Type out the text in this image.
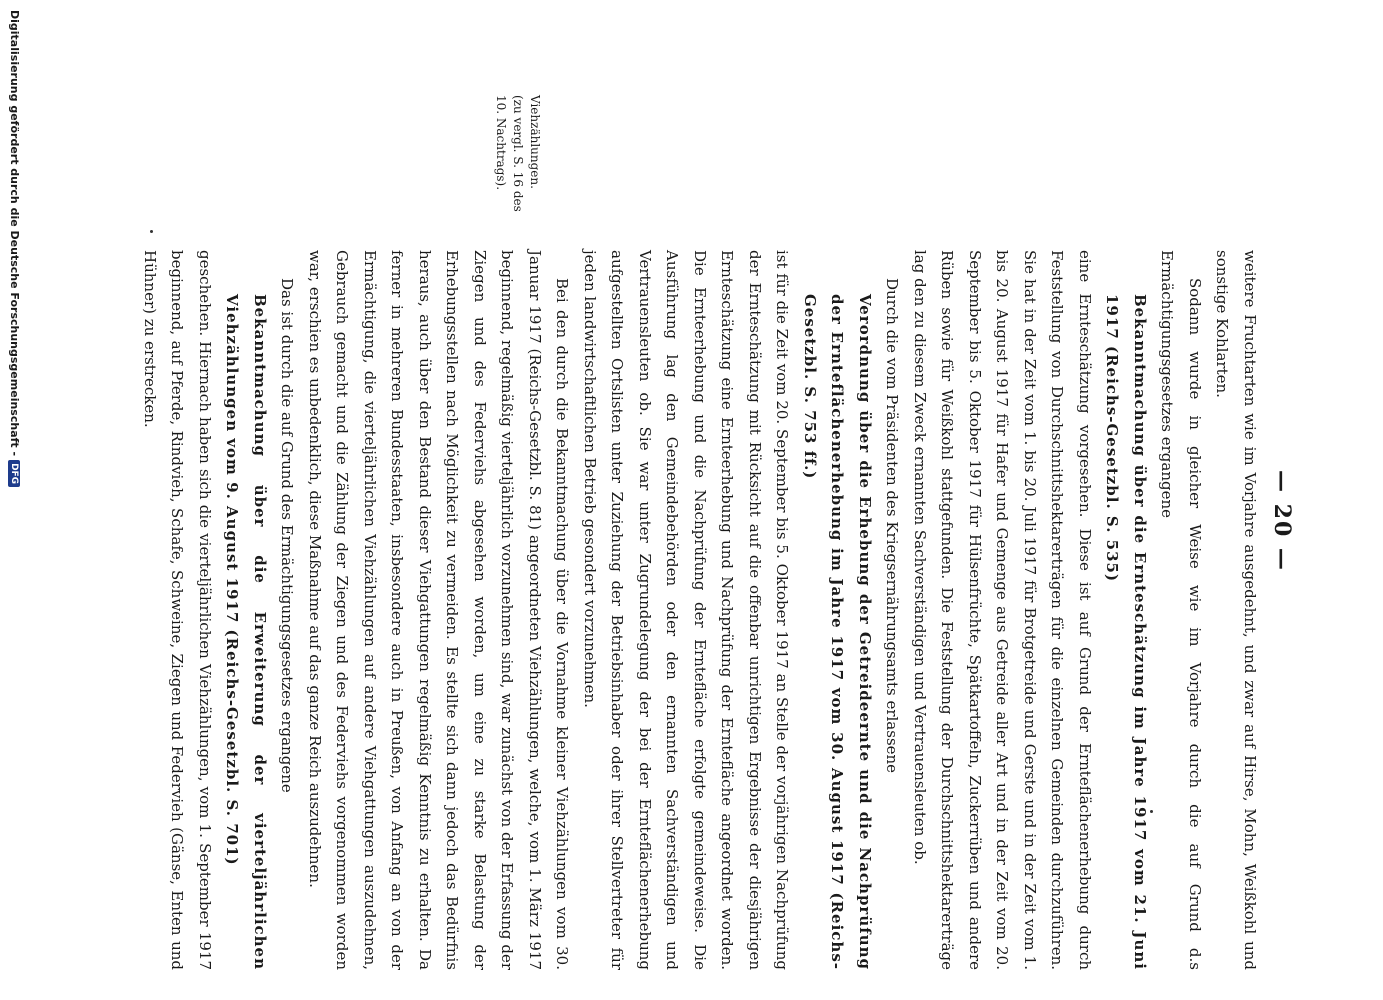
— 20 —

weitere Fruchtarten wie im Vorjahre ausgedehnt, und zwar auf Hirse, Mohn, Weißkohl und sonstige Kohlarten.

Sodann wurde in gleicher Weise wie im Vorjahre durch die auf Grund d.s Ermächtigungsgesetzes ergangene

Bekanntmachung über die Ernteschätzung im Jahre 1917 vom 21. Juni 1917 (Reichs-Gesetzbl. S. 535)

eine Ernteschätzung vorgesehen. Diese ist auf Grund der Ernteflächenerhebung durch Feststellung von Durchschnittshektarerträgen für die einzelnen Gemeinden durchzuführen. Sie hat in der Zeit vom 1. bis 20. Juli 1917 für Brotgetreide und Gerste und in der Zeit vom 1. bis 20. August 1917 für Hafer und Gemenge aus Getreide aller Art und in der Zeit vom 20. September bis 5. Oktober 1917 für Hülsenfrüchte, Spätkartoffeln, Zuckerrüben und andere Rüben sowie für Weißkohl stattgefunden. Die Feststellung der Durchschnittshektarerträge lag den zu diesem Zweck ernannten Sachverständigen und Vertrauensleuten ob.

Durch die vom Präsidenten des Kriegsernährungsamts erlassene

Verordnung über die Erhebung der Getreideernte und die Nachprüfung der Ernteflächenerhebung im Jahre 1917 vom 30. August 1917 (Reichs-Gesetzbl. S. 753 ff.)

ist für die Zeit vom 20. September bis 5. Oktober 1917 an Stelle der vorjährigen Nachprüfung der Ernteschätzung mit Rücksicht auf die offenbar unrichtigen Ergebnisse der diesjährigen Ernteschätzung eine Ernteerhebung und Nachprüfung der Erntefläche angeordnet worden. Die Ernteerhebung und die Nachprüfung der Erntefläche erfolgte gemeindeweise. Die Ausführung lag den Gemeindebehörden oder den ernannten Sachverständigen und Vertrauensleuten ob. Sie war unter Zugrundelegung der bei der Ernteflächenerhebung aufgestellten Ortslisten unter Zuziehung der Betriebsinhaber oder ihrer Stellvertreter für jeden landwirtschaftlichen Betrieb gesondert vorzunehmen.

Bei den durch die Bekanntmachung über die Vornahme kleiner Viehzählungen vom 30. Januar 1917 (Reichs-Gesetzbl. S. 81) angeordneten Viehzählungen, welche, vom 1. März 1917 beginnend, regelmäßig vierteljährlich vorzunehmen sind, war zunächst von der Erfassung der Ziegen und des Federviehs abgesehen worden, um eine zu starke Belastung der Erhebungsstellen nach Möglichkeit zu vermeiden. Es stellte sich dann jedoch das Bedürfnis heraus, auch über den Bestand dieser Viehgattungen regelmäßig Kenntnis zu erhalten. Da ferner in mehreren Bundesstaaten, insbesondere auch in Preußen, von Anfang an von der Ermächtigung, die vierteljährlichen Viehzählungen auf andere Viehgattungen auszudehnen, Gebrauch gemacht und die Zählung der Ziegen und des Federviehs vorgenommen worden war, erschien es unbedenklich, diese Maßnahme auf das ganze Reich auszudehnen.

Das ist durch die auf Grund des Ermächtigungsgesetzes ergangene

Bekanntmachung über die Erweiterung der vierteljährlichen Viehzählungen vom 9. August 1917 (Reichs-Gesetzbl. S. 701)

geschehen. Hiernach haben sich die vierteljährlichen Viehzählungen, vom 1. September 1917 beginnend, auf Pferde, Rindvieh, Schafe, Schweine, Ziegen und Federvieh (Gänse, Enten und Hühner) zu erstrecken.

Viehzählungen.
(zu vergl. S. 16 des
10. Nachtrags).
Digitalisierung gefördert durch die Deutsche Forschungsgemeinschaft -
DFG
